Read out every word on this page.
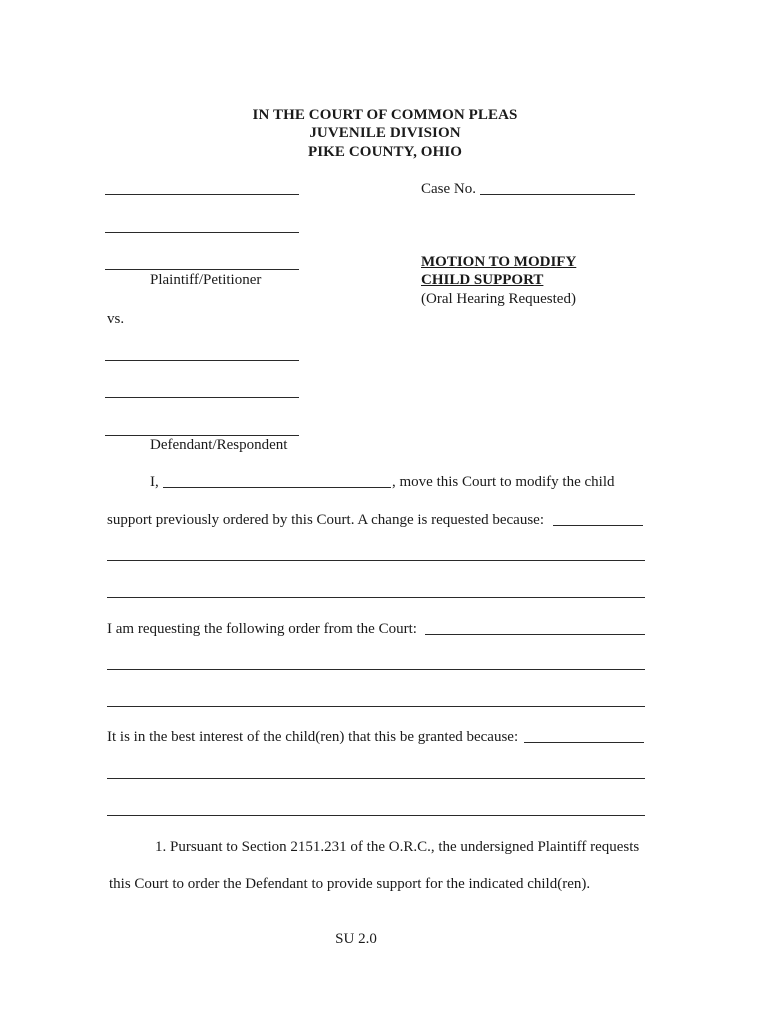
IN THE COURT OF COMMON PLEAS
JUVENILE DIVISION
PIKE COUNTY, OHIO
Plaintiff/Petitioner
vs.
Defendant/Respondent
Case No.
MOTION TO MODIFY
CHILD SUPPORT
(Oral Hearing Requested)
I,	, move this Court to modify the child
support previously ordered by this Court. A change is requested because:
I am requesting the following order from the Court:
It is in the best interest of the child(ren) that this be granted because:
1. Pursuant to Section 2151.231 of the O.R.C., the undersigned Plaintiff requests
this Court to order the Defendant to provide support for the indicated child(ren).
SU 2.0
